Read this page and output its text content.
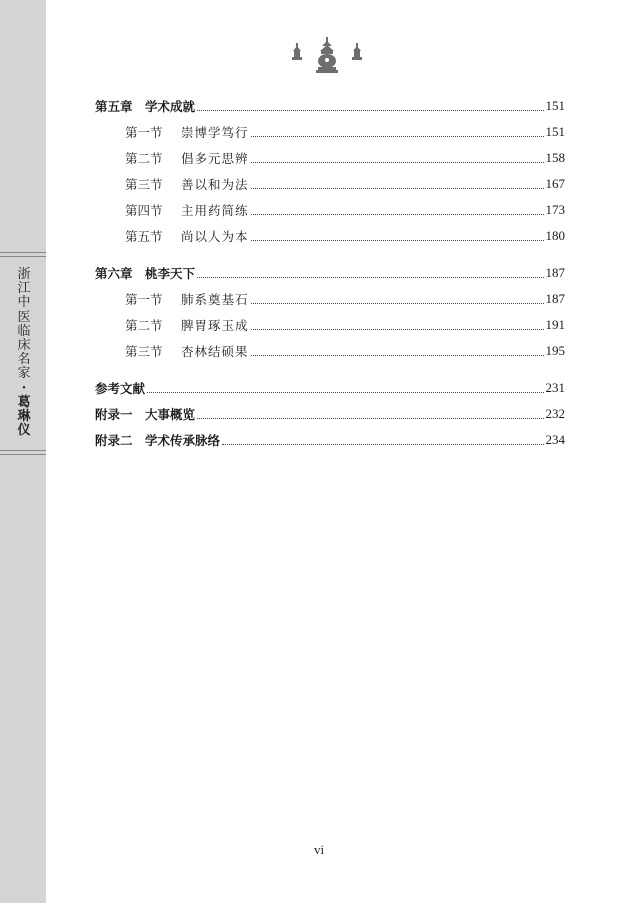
浙
江
中
医
临
床
名
家
·
葛
琳
仪
第五章　学术成就	151
第一节 崇博学笃行	151
第二节 倡多元思辨	158
第三节 善以和为法	167
第四节 主用药简练	173
第五节 尚以人为本	180
第六章　桃李天下	187
第一节 肺系奠基石	187
第二节 脾胃琢玉成	191
第三节 杏林结硕果	195
参考文献	231
附录一　大事概览	232
附录二　学术传承脉络	234
vi
